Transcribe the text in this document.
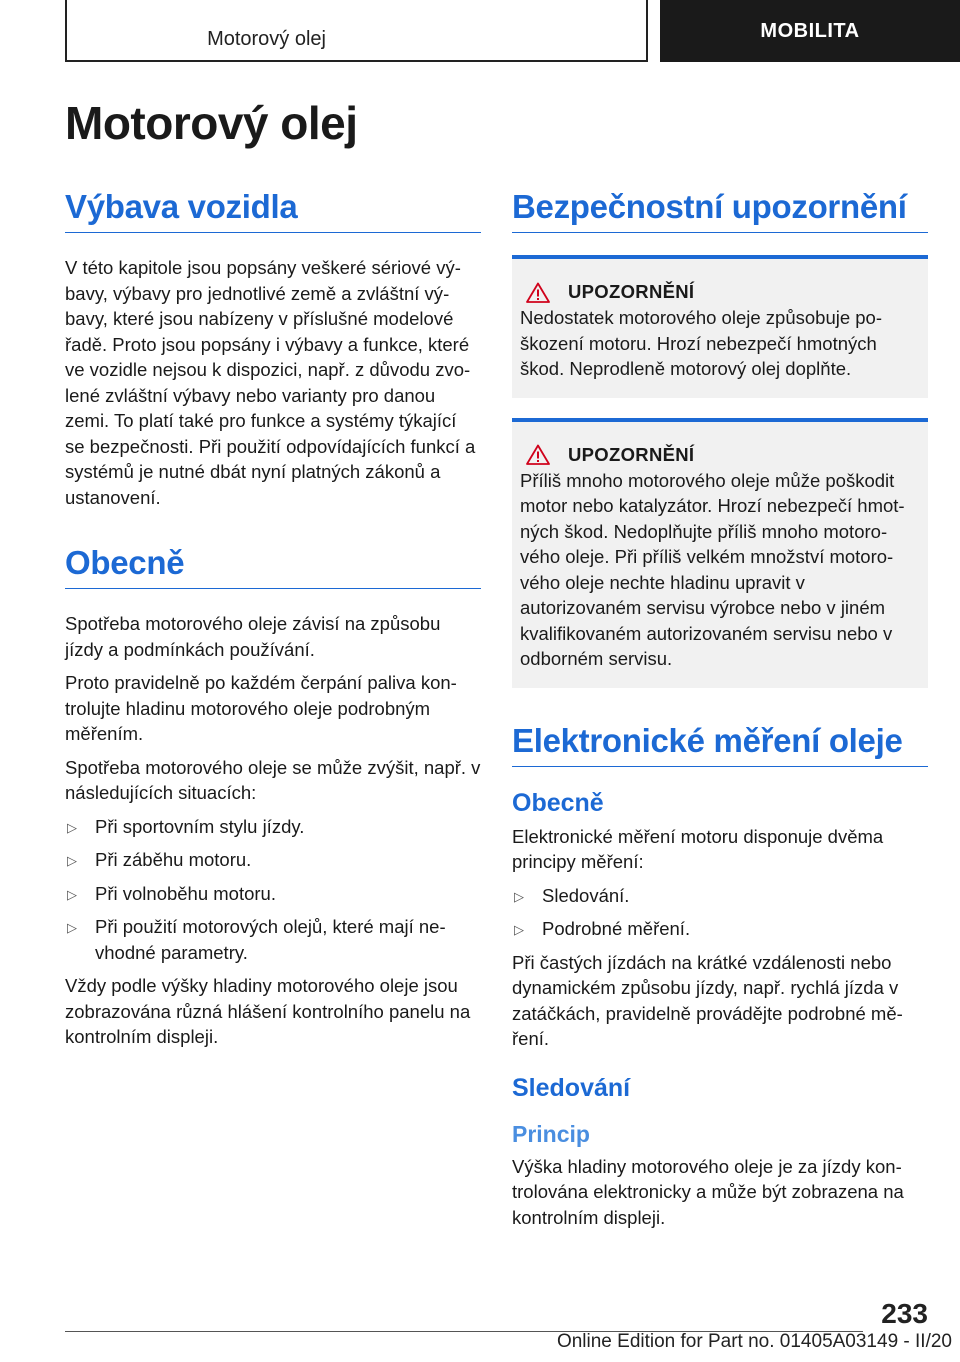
Motorový olej	MOBILITA
Motorový olej
Výbava vozidla

V této kapitole jsou popsány veškeré sériové výbavy, výbavy pro jednotlivé země a zvláštní výbavy, které jsou nabízeny v příslušné modelové řadě. Proto jsou popsány i výbavy a funkce, které ve vozidle nejsou k dispozici, např. z důvodu zvolené zvláštní výbavy nebo varianty pro danou zemi. To platí také pro funkce a systémy týkající se bezpečnosti. Při použití odpovídajících funkcí a systémů je nutné dbát nyní platných zákonů a ustanovení.

Obecně

Spotřeba motorového oleje závisí na způsobu jízdy a podmínkách používání.

Proto pravidelně po každém čerpání paliva kontrolujte hladinu motorového oleje podrobným měřením.

Spotřeba motorového oleje se může zvýšit, např. v následujících situacích:

▷ Při sportovním stylu jízdy.
▷ Při záběhu motoru.
▷ Při volnoběhu motoru.
▷ Při použití motorových olejů, které mají nevhodné parametry.

Vždy podle výšky hladiny motorového oleje jsou zobrazována různá hlášení kontrolního panelu na kontrolním displeji.

Bezpečnostní upozornění
UPOZORNĚNÍ

Nedostatek motorového oleje způsobuje poškození motoru. Hrozí nebezpečí hmotných škod. Neprodleně motorový olej doplňte.

UPOZORNĚNÍ

Příliš mnoho motorového oleje může poškodit motor nebo katalyzátor. Hrozí nebezpečí hmotných škod. Nedoplňujte příliš mnoho motorového oleje. Při příliš velkém množství motorového oleje nechte hladinu upravit v autorizovaném servisu výrobce nebo v jiném kvalifikovaném autorizovaném servisu nebo v odborném servisu.

Elektronické měření oleje
Obecně

Elektronické měření motoru disponuje dvěma principy měření:

▷ Sledování.
▷ Podrobné měření.

Při častých jízdách na krátké vzdálenosti nebo dynamickém způsobu jízdy, např. rychlá jízda v zatáčkách, pravidelně provádějte podrobné měření.

Sledování
Princip

Výška hladiny motorového oleje je za jízdy kontrolována elektronicky a může být zobrazena na kontrolním displeji.

233
Online Edition for Part no. 01405A03149 - II/20
